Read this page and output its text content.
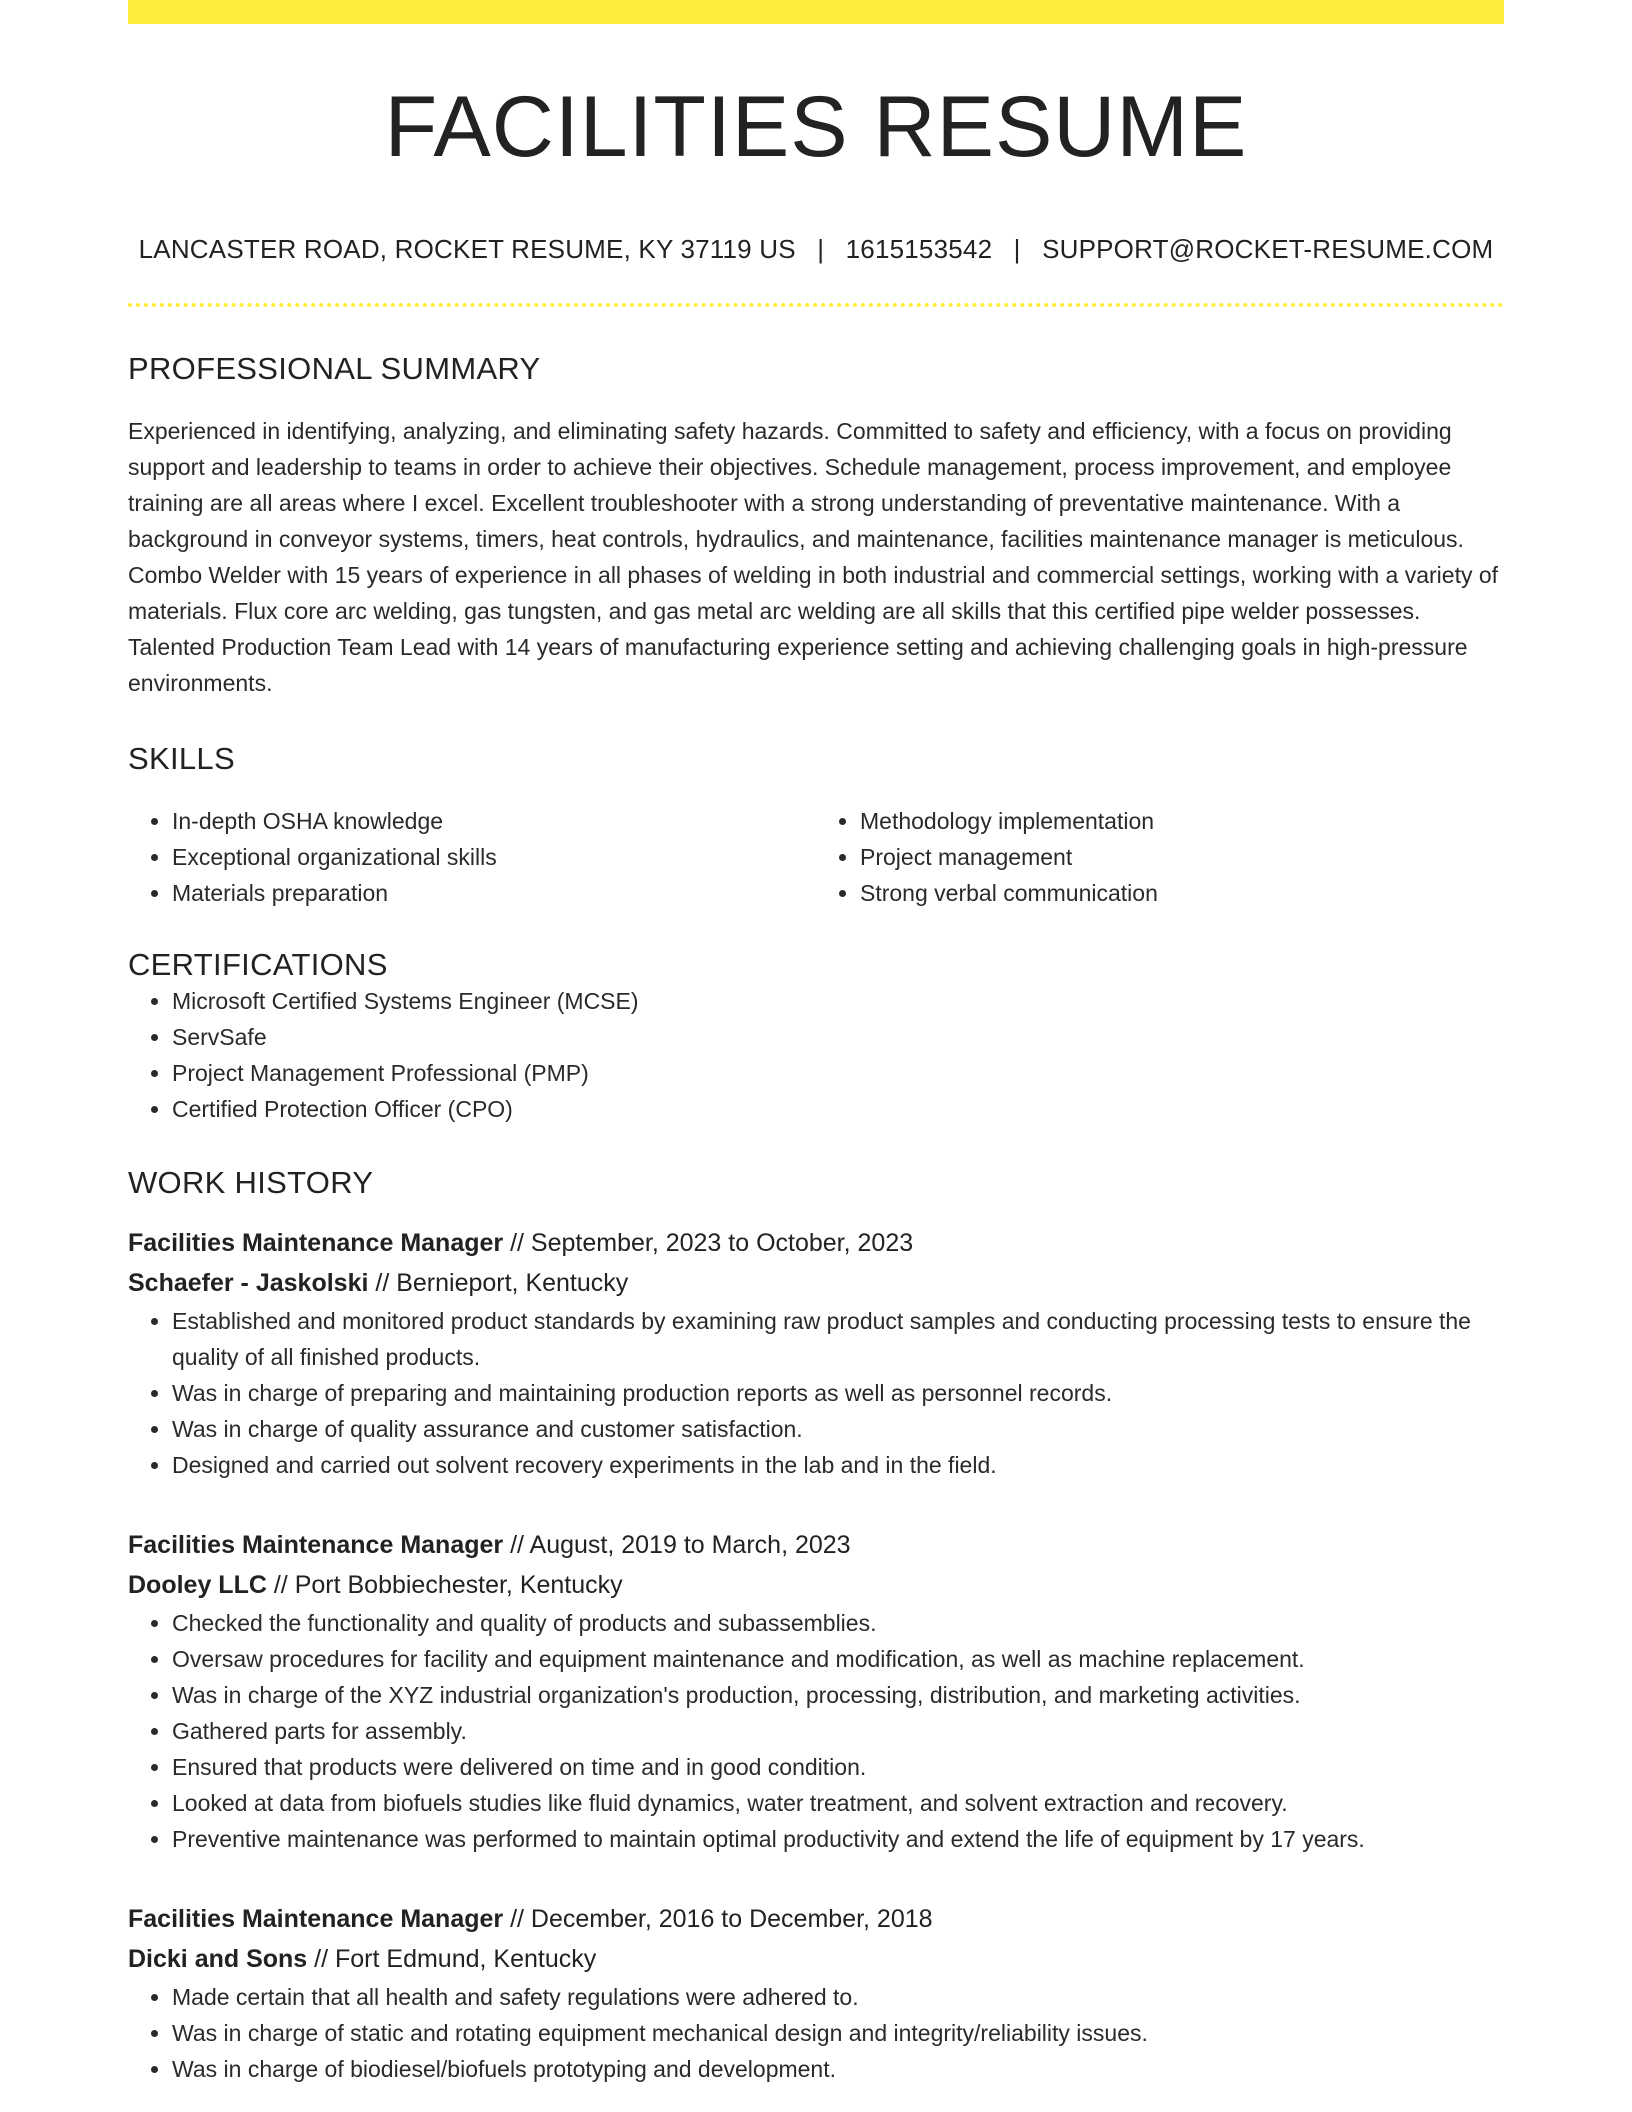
FACILITIES RESUME
LANCASTER ROAD, ROCKET RESUME, KY 37119 US | 1615153542 | SUPPORT@ROCKET-RESUME.COM
PROFESSIONAL SUMMARY

Experienced in identifying, analyzing, and eliminating safety hazards. Committed to safety and efficiency, with a focus on providing support and leadership to teams in order to achieve their objectives. Schedule management, process improvement, and employee training are all areas where I excel. Excellent troubleshooter with a strong understanding of preventative maintenance. With a background in conveyor systems, timers, heat controls, hydraulics, and maintenance, facilities maintenance manager is meticulous. Combo Welder with 15 years of experience in all phases of welding in both industrial and commercial settings, working with a variety of materials. Flux core arc welding, gas tungsten, and gas metal arc welding are all skills that this certified pipe welder possesses. Talented Production Team Lead with 14 years of manufacturing experience setting and achieving challenging goals in high-pressure environments.

SKILLS
• In-depth OSHA knowledge
• Exceptional organizational skills
• Materials preparation
• Methodology implementation
• Project management
• Strong verbal communication
CERTIFICATIONS
• Microsoft Certified Systems Engineer (MCSE)
• ServSafe
• Project Management Professional (PMP)
• Certified Protection Officer (CPO)
WORK HISTORY
Facilities Maintenance Manager // September, 2023 to October, 2023
Schaefer - Jaskolski // Bernieport, Kentucky
• Established and monitored product standards by examining raw product samples and conducting processing tests to ensure the quality of all finished products.
• Was in charge of preparing and maintaining production reports as well as personnel records.
• Was in charge of quality assurance and customer satisfaction.
• Designed and carried out solvent recovery experiments in the lab and in the field.
Facilities Maintenance Manager // August, 2019 to March, 2023
Dooley LLC // Port Bobbiechester, Kentucky
• Checked the functionality and quality of products and subassemblies.
• Oversaw procedures for facility and equipment maintenance and modification, as well as machine replacement.
• Was in charge of the XYZ industrial organization's production, processing, distribution, and marketing activities.
• Gathered parts for assembly.
• Ensured that products were delivered on time and in good condition.
• Looked at data from biofuels studies like fluid dynamics, water treatment, and solvent extraction and recovery.
• Preventive maintenance was performed to maintain optimal productivity and extend the life of equipment by 17 years.
Facilities Maintenance Manager // December, 2016 to December, 2018
Dicki and Sons // Fort Edmund, Kentucky
• Made certain that all health and safety regulations were adhered to.
• Was in charge of static and rotating equipment mechanical design and integrity/reliability issues.
• Was in charge of biodiesel/biofuels prototyping and development.
